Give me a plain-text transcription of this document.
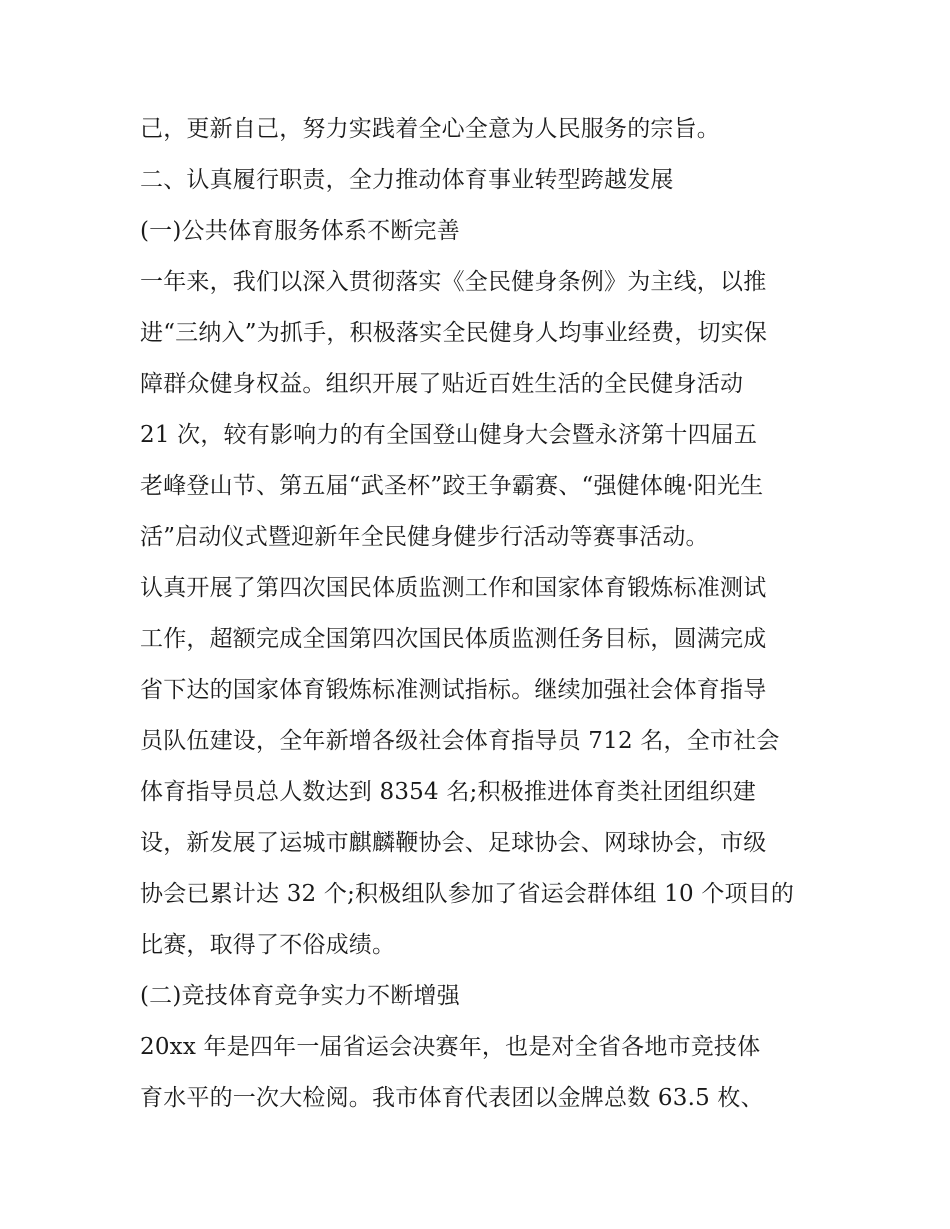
己，更新自己，努力实践着全心全意为人民服务的宗旨。
二、认真履行职责，全力推动体育事业转型跨越发展
(一)公共体育服务体系不断完善
一年来，我们以深入贯彻落实《全民健身条例》为主线，以推
进“三纳入”为抓手，积极落实全民健身人均事业经费，切实保
障群众健身权益。组织开展了贴近百姓生活的全民健身活动
21 次，较有影响力的有全国登山健身大会暨永济第十四届五
老峰登山节、第五届“武圣杯”跤王争霸赛、“强健体魄·阳光生
活”启动仪式暨迎新年全民健身健步行活动等赛事活动。
认真开展了第四次国民体质监测工作和国家体育锻炼标准测试
工作，超额完成全国第四次国民体质监测任务目标，圆满完成
省下达的国家体育锻炼标准测试指标。继续加强社会体育指导
员队伍建设，全年新增各级社会体育指导员 712 名，全市社会
体育指导员总人数达到 8354 名;积极推进体育类社团组织建
设，新发展了运城市麒麟鞭协会、足球协会、网球协会，市级
协会已累计达 32 个;积极组队参加了省运会群体组 10 个项目的
比赛，取得了不俗成绩。
(二)竞技体育竞争实力不断增强
20xx 年是四年一届省运会决赛年，也是对全省各地市竞技体
育水平的一次大检阅。我市体育代表团以金牌总数 63.5 枚、
